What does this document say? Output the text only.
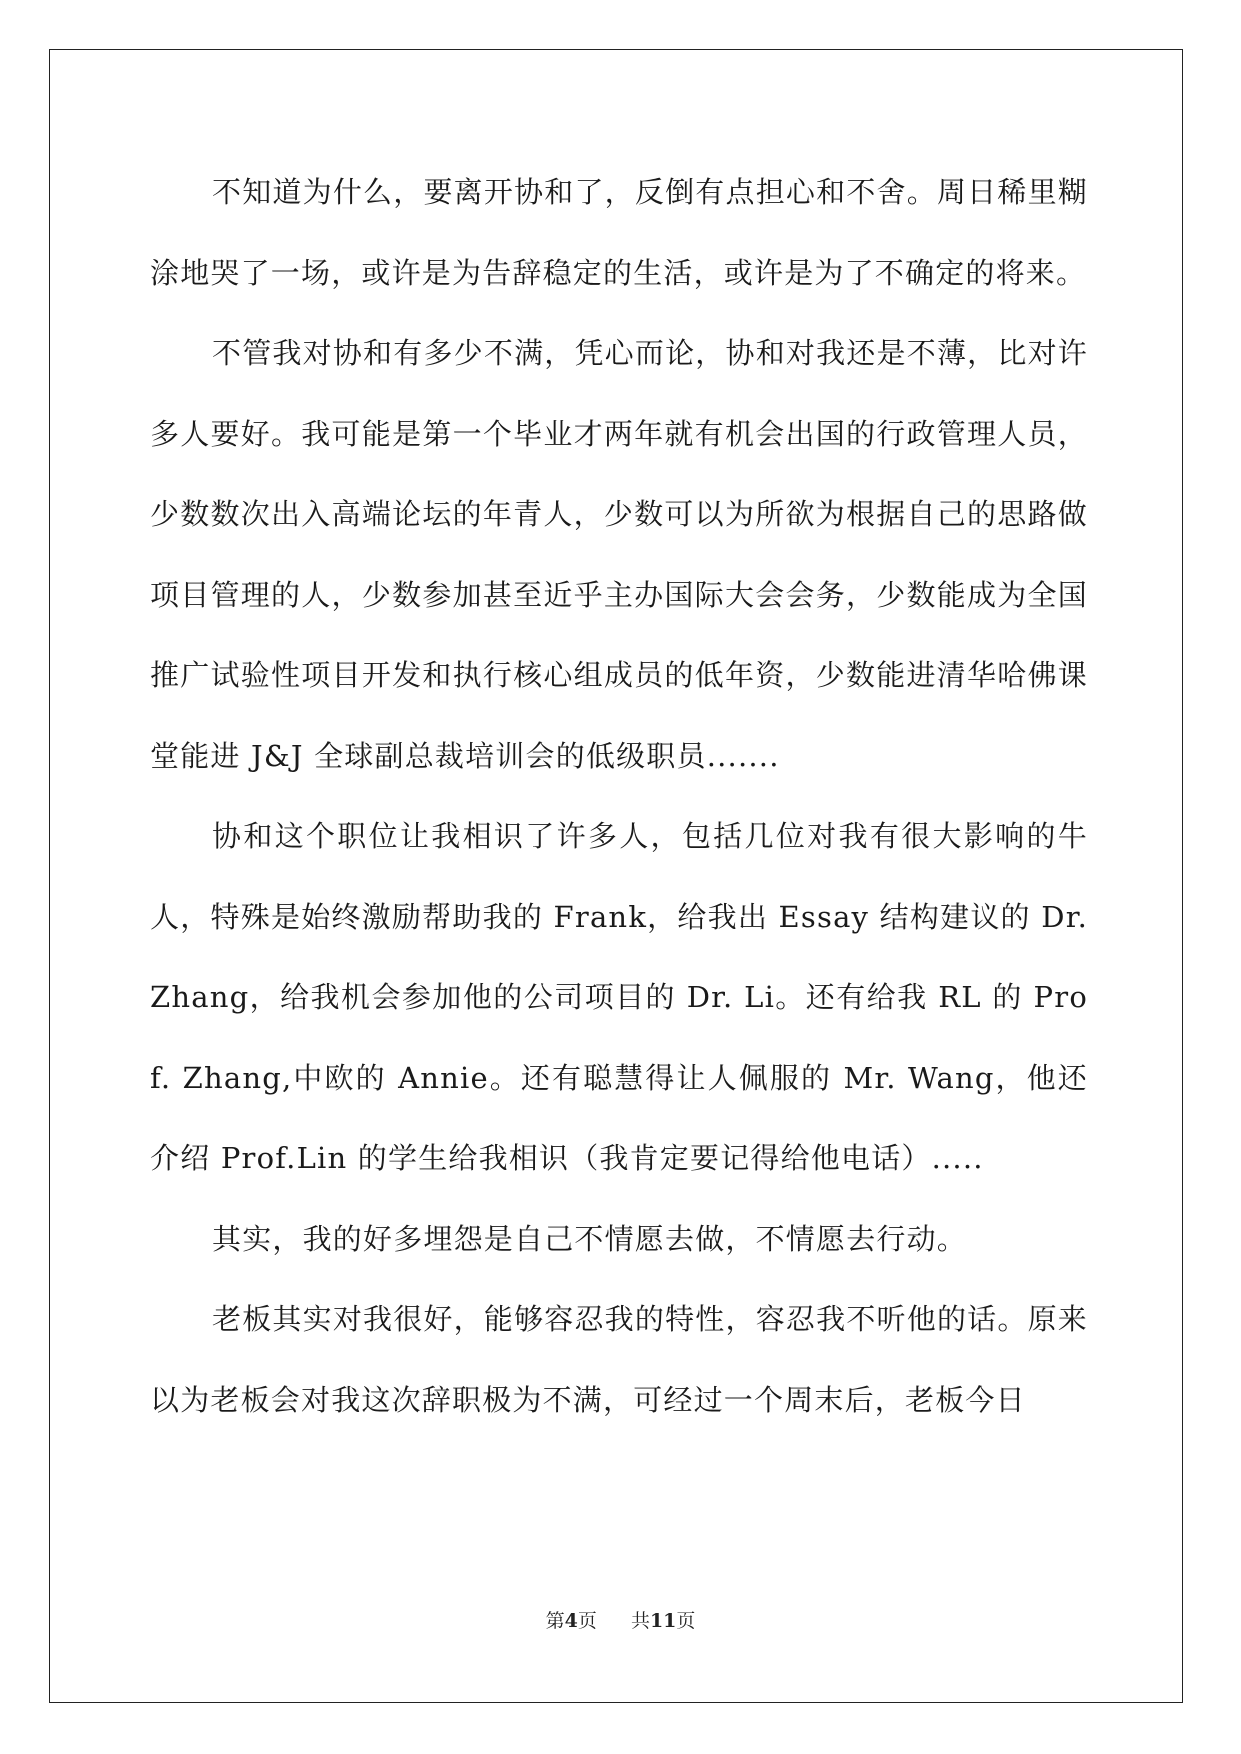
不知道为什么，要离开协和了，反倒有点担心和不舍。周日稀里糊涂地哭了一场，或许是为告辞稳定的生活，或许是为了不确定的将来。

不管我对协和有多少不满，凭心而论，协和对我还是不薄，比对许多人要好。我可能是第一个毕业才两年就有机会出国的行政管理人员，少数数次出入高端论坛的年青人，少数可以为所欲为根据自己的思路做项目管理的人，少数参加甚至近乎主办国际大会会务，少数能成为全国推广试验性项目开发和执行核心组成员的低年资，少数能进清华哈佛课堂能进 J&J 全球副总裁培训会的低级职员.......

协和这个职位让我相识了许多人，包括几位对我有很大影响的牛人，特殊是始终激励帮助我的 Frank，给我出 Essay 结构建议的 Dr. Zhang，给我机会参加他的公司项目的 Dr. Li。还有给我 RL 的 Prof. Zhang,中欧的 Annie。还有聪慧得让人佩服的 Mr. Wang，他还介绍 Prof.Lin 的学生给我相识（我肯定要记得给他电话）.....

其实，我的好多埋怨是自己不情愿去做，不情愿去行动。

老板其实对我很好，能够容忍我的特性，容忍我不听他的话。原来以为老板会对我这次辞职极为不满，可经过一个周末后，老板今日

第4页 共11页
